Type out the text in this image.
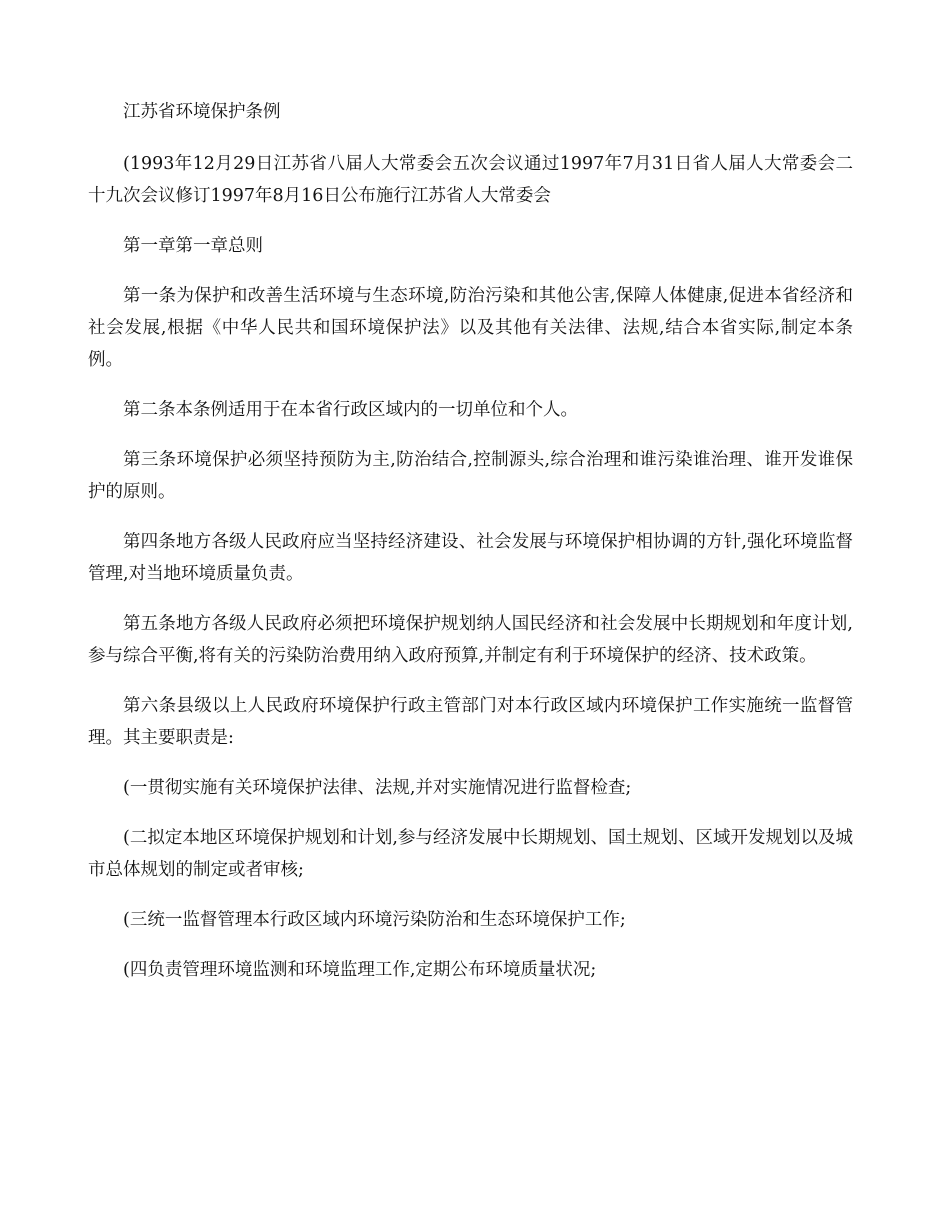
江苏省环境保护条例

(1993年12月29日江苏省八届人大常委会五次会议通过1997年7月31日省人届人大常委会二十九次会议修订1997年8月16日公布施行江苏省人大常委会

第一章第一章总则

第一条为保护和改善生活环境与生态环境,防治污染和其他公害,保障人体健康,促进本省经济和社会发展,根据《中华人民共和国环境保护法》以及其他有关法律、法规,结合本省实际,制定本条例。

第二条本条例适用于在本省行政区域内的一切单位和个人。

第三条环境保护必须坚持预防为主,防治结合,控制源头,综合治理和谁污染谁治理、谁开发谁保护的原则。

第四条地方各级人民政府应当坚持经济建设、社会发展与环境保护相协调的方针,强化环境监督管理,对当地环境质量负责。

第五条地方各级人民政府必须把环境保护规划纳人国民经济和社会发展中长期规划和年度计划,参与综合平衡,将有关的污染防治费用纳入政府预算,并制定有利于环境保护的经济、技术政策。

第六条县级以上人民政府环境保护行政主管部门对本行政区域内环境保护工作实施统一监督管理。其主要职责是:

(一贯彻实施有关环境保护法律、法规,并对实施情况进行监督检查;

(二拟定本地区环境保护规划和计划,参与经济发展中长期规划、国土规划、区域开发规划以及城市总体规划的制定或者审核;

(三统一监督管理本行政区域内环境污染防治和生态环境保护工作;

(四负责管理环境监测和环境监理工作,定期公布环境质量状况;
